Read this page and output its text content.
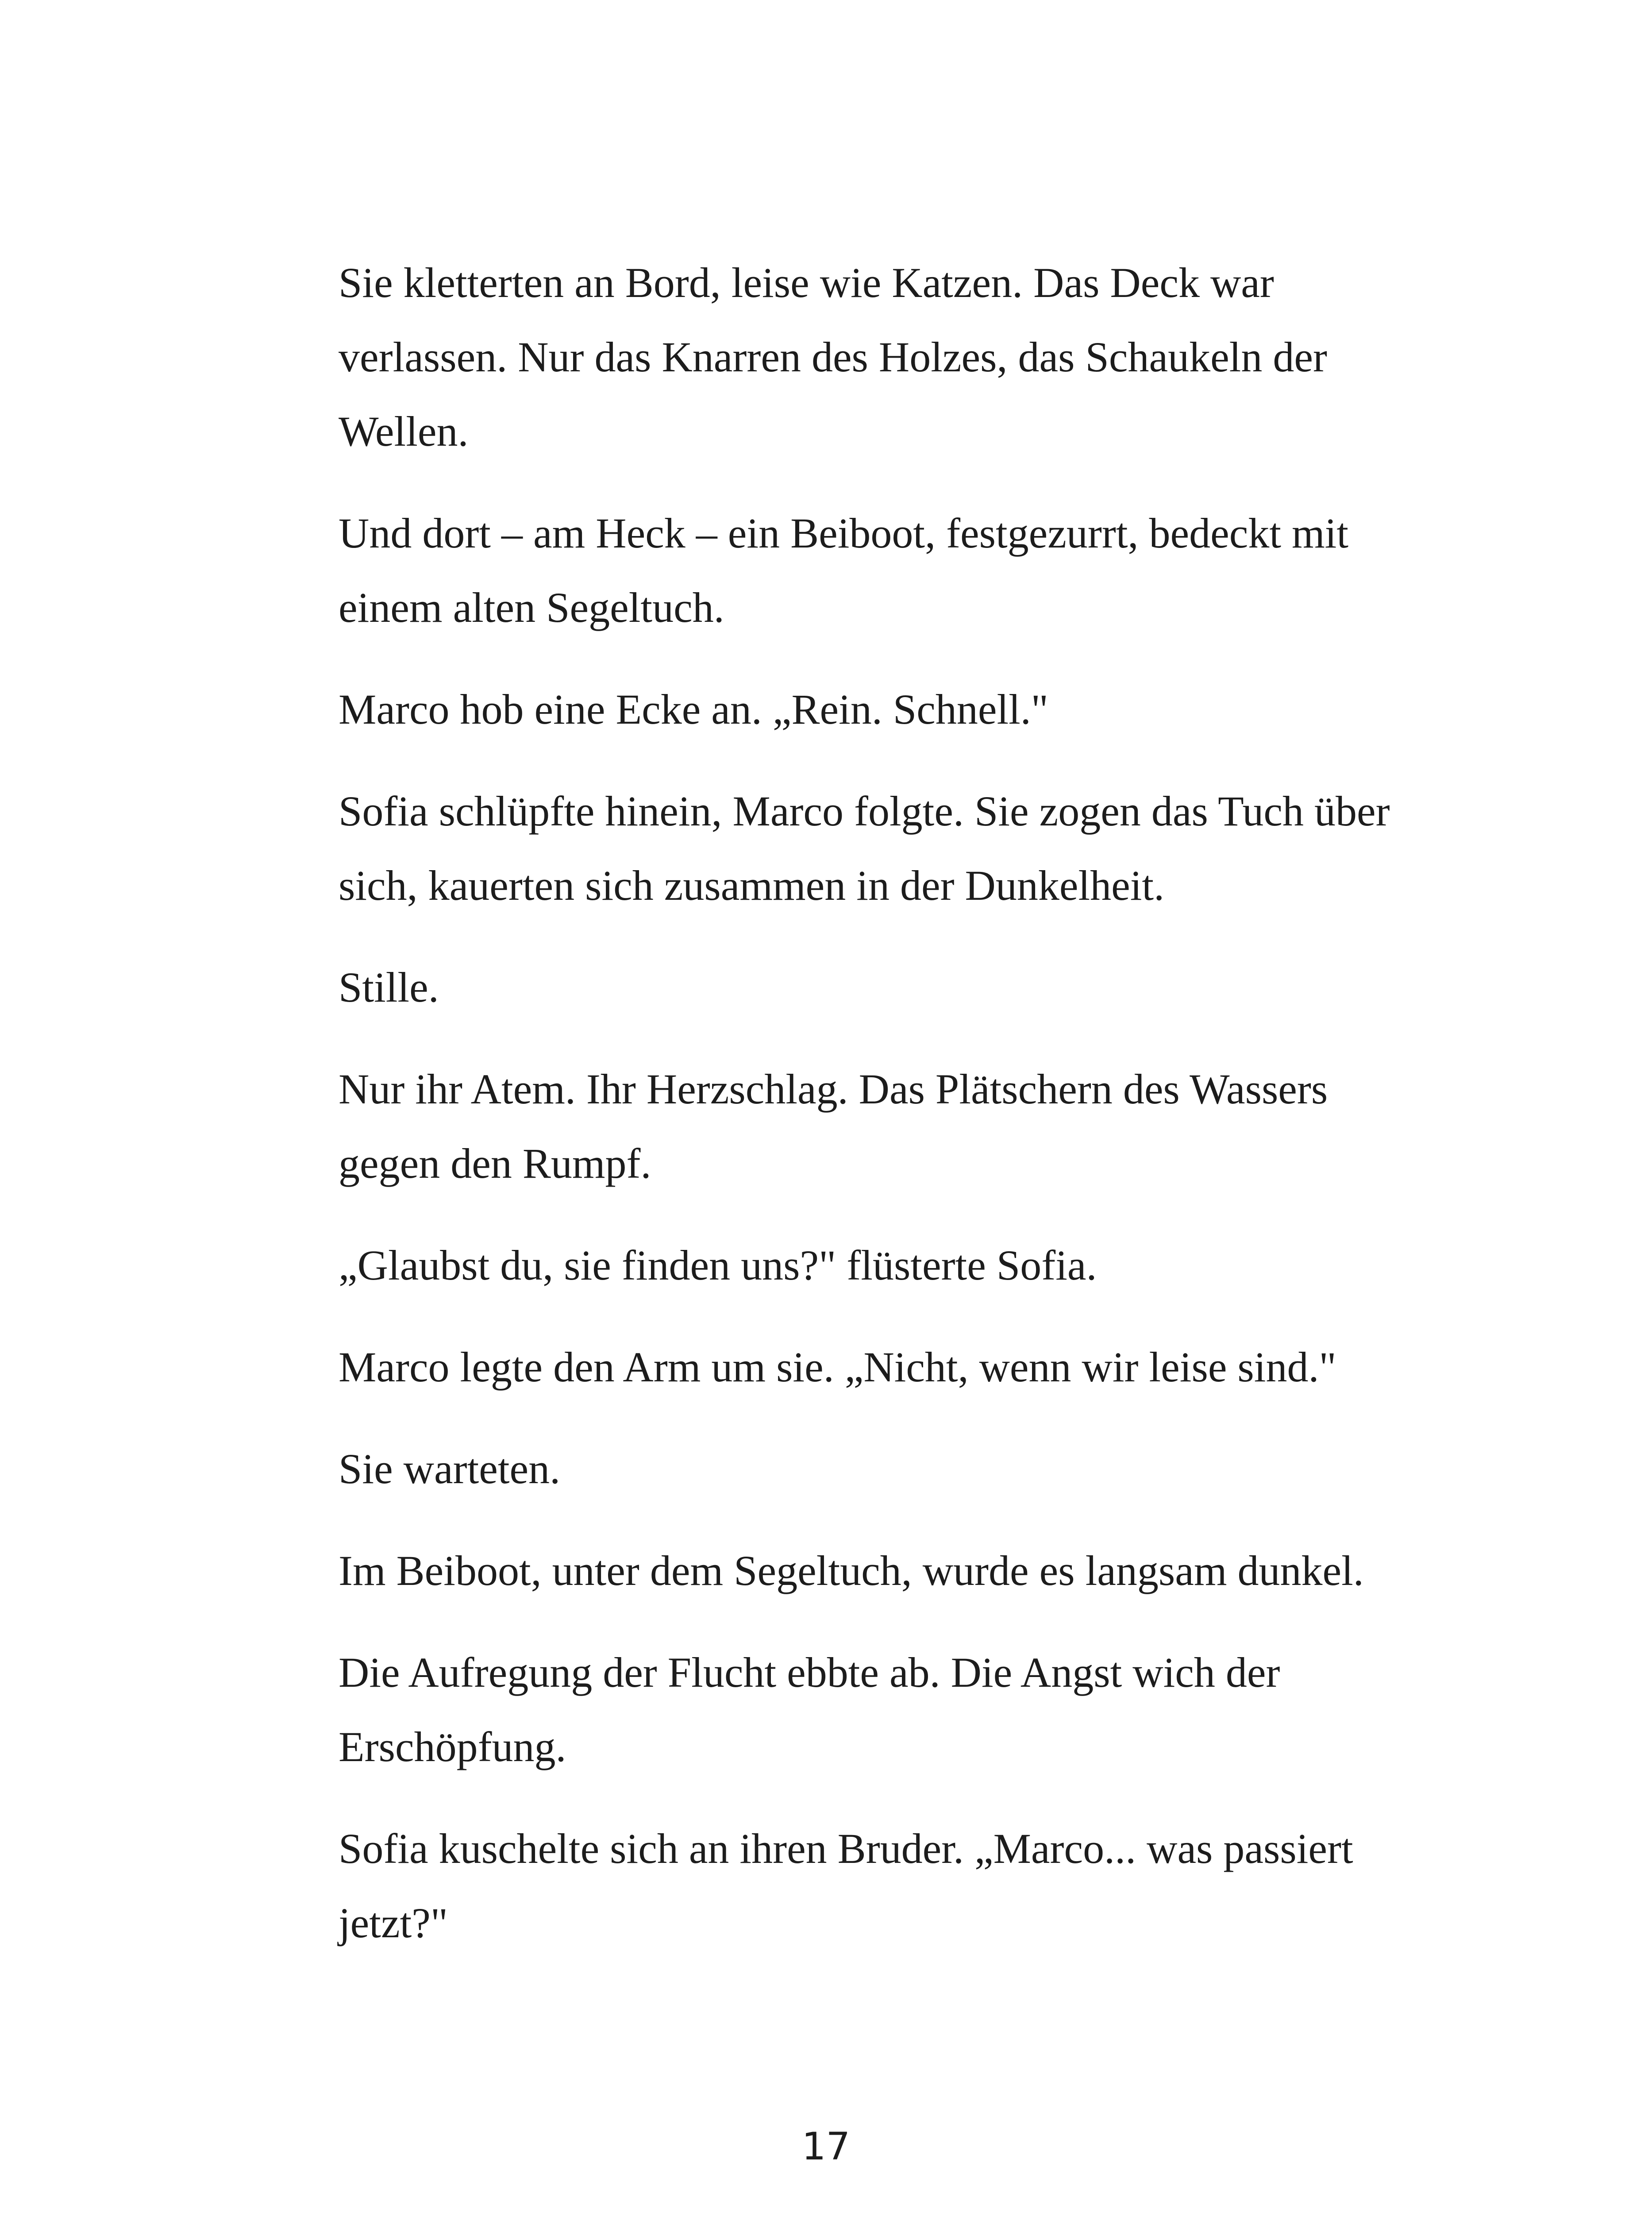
Sie kletterten an Bord, leise wie Katzen. Das Deck war verlassen. Nur das Knarren des Holzes, das Schaukeln der Wellen.

Und dort – am Heck – ein Beiboot, festgezurrt, bedeckt mit einem alten Segeltuch.

Marco hob eine Ecke an. „Rein. Schnell."

Sofia schlüpfte hinein, Marco folgte. Sie zogen das Tuch über sich, kauerten sich zusammen in der Dunkelheit.

Stille.

Nur ihr Atem. Ihr Herzschlag. Das Plätschern des Wassers gegen den Rumpf.

„Glaubst du, sie finden uns?" flüsterte Sofia.

Marco legte den Arm um sie. „Nicht, wenn wir leise sind."

Sie warteten.

Im Beiboot, unter dem Segeltuch, wurde es langsam dunkel.

Die Aufregung der Flucht ebbte ab. Die Angst wich der Erschöpfung.

Sofia kuschelte sich an ihren Bruder. „Marco... was passiert jetzt?"

17
